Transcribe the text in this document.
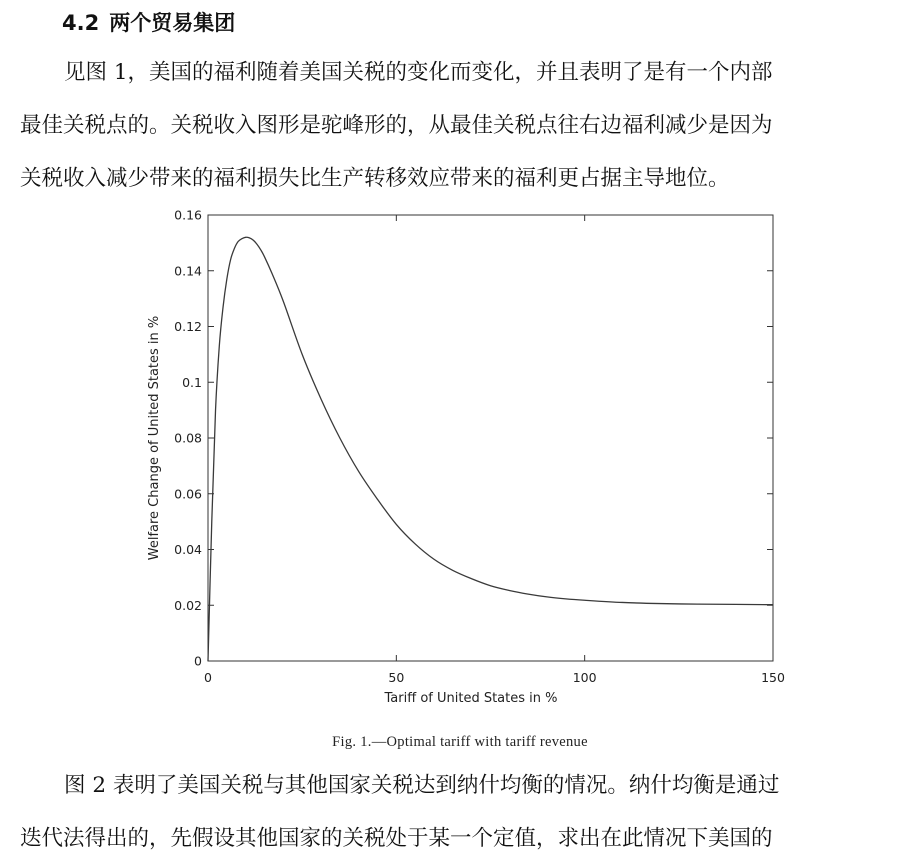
4.2 两个贸易集团
见图 1，美国的福利随着美国关税的变化而变化，并且表明了是有一个内部
最佳关税点的。关税收入图形是驼峰形的，从最佳关税点往右边福利减少是因为
关税收入减少带来的福利损失比生产转移效应带来的福利更占据主导地位。
0
0.02
0.04
0.06
0.08
0.1
0.12
0.14
0.16
0	50	100	150
Tariff of United States in %
Welfare Change of United States in %
Fig. 1.—Optimal tariff with tariff revenue
图 2 表明了美国关税与其他国家关税达到纳什均衡的情况。纳什均衡是通过
迭代法得出的，先假设其他国家的关税处于某一个定值，求出在此情况下美国的
